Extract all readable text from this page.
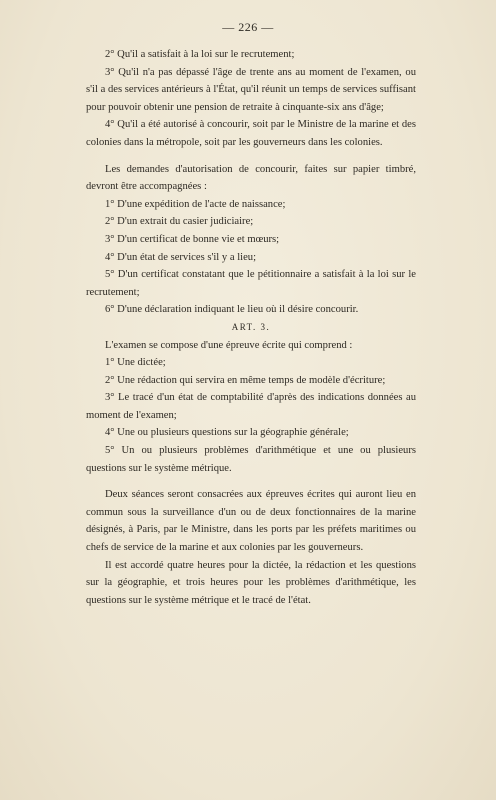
— 226 —

2° Qu'il a satisfait à la loi sur le recrutement;

3° Qu'il n'a pas dépassé l'âge de trente ans au moment de l'examen, ou s'il a des services antérieurs à l'État, qu'il réunit un temps de services suffisant pour pouvoir obtenir une pension de retraite à cinquante-six ans d'âge;

4° Qu'il a été autorisé à concourir, soit par le Ministre de la marine et des colonies dans la métropole, soit par les gouverneurs dans les colonies.

Les demandes d'autorisation de concourir, faites sur papier timbré, devront être accompagnées :

1° D'une expédition de l'acte de naissance;

2° D'un extrait du casier judiciaire;

3° D'un certificat de bonne vie et mœurs;

4° D'un état de services s'il y a lieu;

5° D'un certificat constatant que le pétitionnaire a satisfait à la loi sur le recrutement;

6° D'une déclaration indiquant le lieu où il désire concourir.

ART. 3.

L'examen se compose d'une épreuve écrite qui comprend :

1° Une dictée;

2° Une rédaction qui servira en même temps de modèle d'écriture;

3° Le tracé d'un état de comptabilité d'après des indications données au moment de l'examen;

4° Une ou plusieurs questions sur la géographie générale;

5° Un ou plusieurs problèmes d'arithmétique et une ou plusieurs questions sur le système métrique.

Deux séances seront consacrées aux épreuves écrites qui auront lieu en commun sous la surveillance d'un ou de deux fonctionnaires de la marine désignés, à Paris, par le Ministre, dans les ports par les préfets maritimes ou chefs de service de la marine et aux colonies par les gouverneurs.

Il est accordé quatre heures pour la dictée, la rédaction et les questions sur la géographie, et trois heures pour les problèmes d'arithmétique, les questions sur le système métrique et le tracé de l'état.
